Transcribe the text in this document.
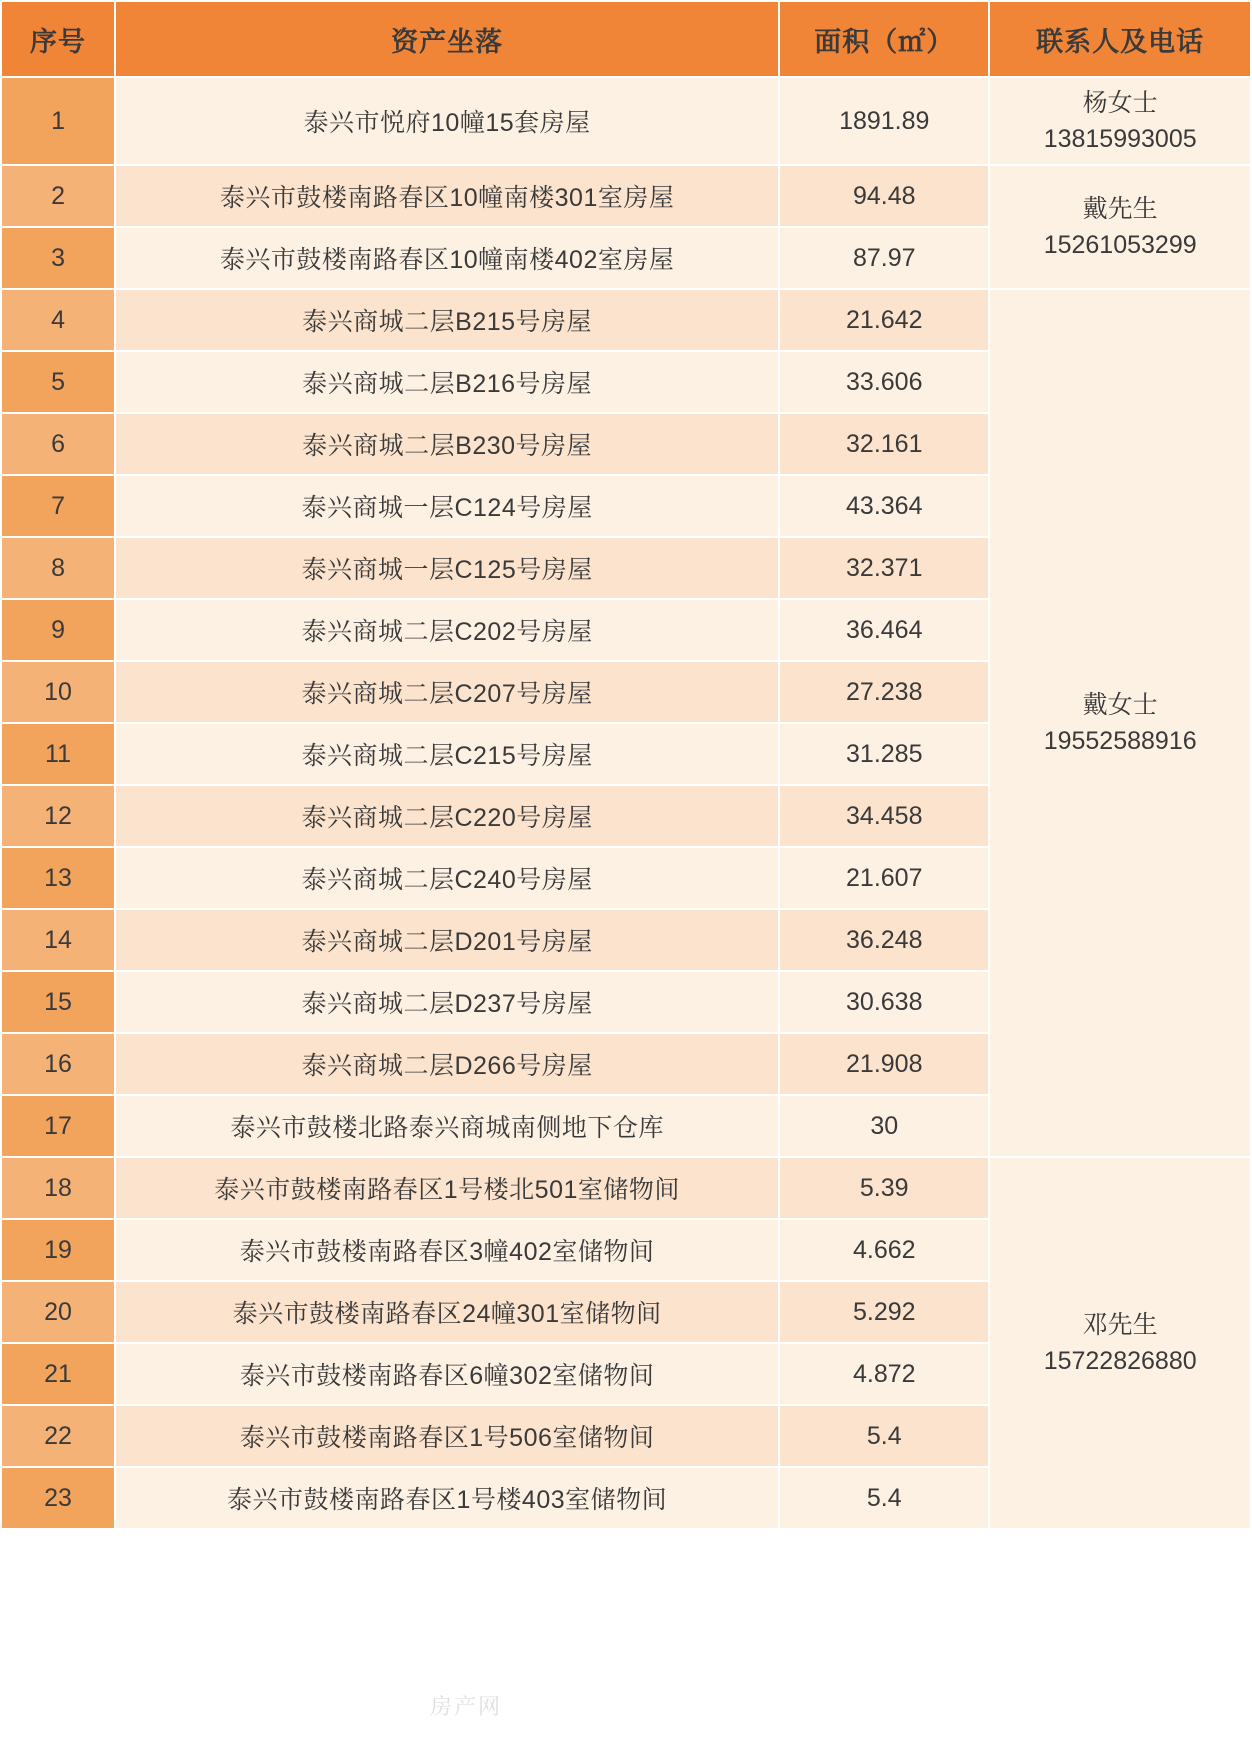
序号	资产坐落	面积（㎡）	联系人及电话
1	泰兴市悦府10幢15套房屋	1891.89	杨女士
13815993005

2	泰兴市鼓楼南路春区10幢南楼301室房屋	94.48	戴先生
15261053299

3	泰兴市鼓楼南路春区10幢南楼402室房屋	87.97	
4	泰兴商城二层B215号房屋	21.642	戴女士
19552588916

5	泰兴商城二层B216号房屋	33.606	
6	泰兴商城二层B230号房屋	32.161	
7	泰兴商城一层C124号房屋	43.364	
8	泰兴商城一层C125号房屋	32.371	
9	泰兴商城二层C202号房屋	36.464	
10	泰兴商城二层C207号房屋	27.238	
11	泰兴商城二层C215号房屋	31.285	
12	泰兴商城二层C220号房屋	34.458	
13	泰兴商城二层C240号房屋	21.607	
14	泰兴商城二层D201号房屋	36.248	
15	泰兴商城二层D237号房屋	30.638	
16	泰兴商城二层D266号房屋	21.908	
17	泰兴市鼓楼北路泰兴商城南侧地下仓库	30	
18	泰兴市鼓楼南路春区1号楼北501室储物间	5.39	邓先生
15722826880

19	泰兴市鼓楼南路春区3幢402室储物间	4.662	
20	泰兴市鼓楼南路春区24幢301室储物间	5.292	
21	泰兴市鼓楼南路春区6幢302室储物间	4.872	
22	泰兴市鼓楼南路春区1号506室储物间	5.4	
23	泰兴市鼓楼南路春区1号楼403室储物间	5.4	
房产网
